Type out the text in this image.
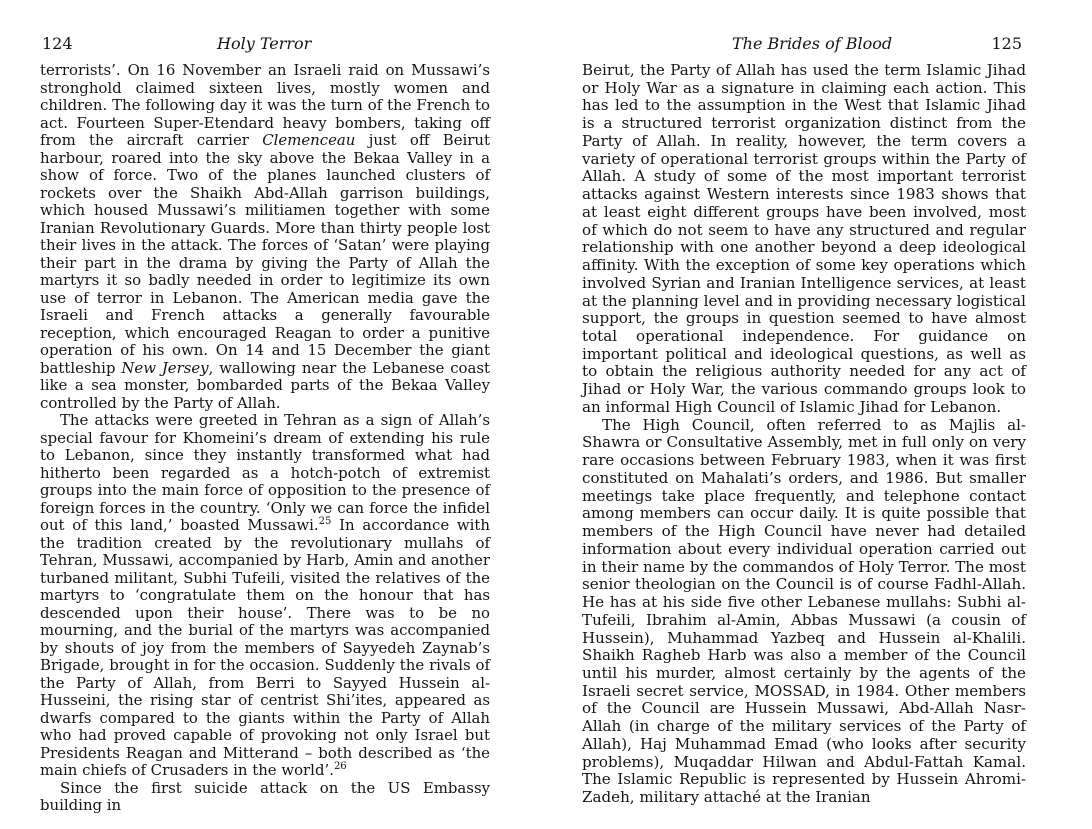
124	Holy Terror

terrorists’. On 16 November an Israeli raid on Mussawi’s stronghold claimed sixteen lives, mostly women and children. The following day it was the turn of the French to act. Fourteen Super-Etendard heavy bombers, taking off from the aircraft carrier Clemenceau just off Beirut harbour, roared into the sky above the Bekaa Valley in a show of force. Two of the planes launched clusters of rockets over the Shaikh Abd-Allah garrison buildings, which housed Mussawi’s militiamen together with some Iranian Revolutionary Guards. More than thirty people lost their lives in the attack. The forces of ‘Satan’ were playing their part in the drama by giving the Party of Allah the martyrs it so badly needed in order to legitimize its own use of terror in Lebanon. The American media gave the Israeli and French attacks a generally favourable reception, which encouraged Reagan to order a punitive operation of his own. On 14 and 15 December the giant battleship New Jersey, wallowing near the Lebanese coast like a sea monster, bombarded parts of the Bekaa Valley controlled by the Party of Allah.

The attacks were greeted in Tehran as a sign of Allah’s special favour for Khomeini’s dream of extending his rule to Lebanon, since they instantly transformed what had hitherto been regarded as a hotch-potch of extremist groups into the main force of opposition to the presence of foreign forces in the country. ‘Only we can force the infidel out of this land,’ boasted Mussawi.$^{25}$ In accordance with the tradition created by the revolutionary mullahs of Tehran, Mussawi, accompanied by Harb, Amin and another turbaned militant, Subhi Tufeili, visited the relatives of the martyrs to ‘congratulate them on the honour that has descended upon their house’. There was to be no mourning, and the burial of the martyrs was accompanied by shouts of joy from the members of Sayyedeh Zaynab’s Brigade, brought in for the occasion. Suddenly the rivals of the Party of Allah, from Berri to Sayyed Hussein al-Husseini, the rising star of centrist Shi’ites, appeared as dwarfs compared to the giants within the Party of Allah who had proved capable of provoking not only Israel but Presidents Reagan and Mitterand – both described as ‘the main chiefs of Crusaders in the world’.$^{26}$

Since the first suicide attack on the US Embassy building in

The Brides of Blood	125

Beirut, the Party of Allah has used the term Islamic Jihad or Holy War as a signature in claiming each action. This has led to the assumption in the West that Islamic Jihad is a structured terrorist organization distinct from the Party of Allah. In reality, however, the term covers a variety of operational terrorist groups within the Party of Allah. A study of some of the most important terrorist attacks against Western interests since 1983 shows that at least eight different groups have been involved, most of which do not seem to have any structured and regular relationship with one another beyond a deep ideological affinity. With the exception of some key operations which involved Syrian and Iranian Intelligence services, at least at the planning level and in providing necessary logistical support, the groups in question seemed to have almost total operational independence. For guidance on important political and ideological questions, as well as to obtain the religious authority needed for any act of Jihad or Holy War, the various commando groups look to an informal High Council of Islamic Jihad for Lebanon.

The High Council, often referred to as Majlis al-Shawra or Consultative Assembly, met in full only on very rare occasions between February 1983, when it was first constituted on Mahalati’s orders, and 1986. But smaller meetings take place frequently, and telephone contact among members can occur daily. It is quite possible that members of the High Council have never had detailed information about every individual operation carried out in their name by the commandos of Holy Terror. The most senior theologian on the Council is of course Fadhl-Allah. He has at his side five other Lebanese mullahs: Subhi al-Tufeili, Ibrahim al-Amin, Abbas Mussawi (a cousin of Hussein), Muhammad Yazbeq and Hussein al-Khalili. Shaikh Ragheb Harb was also a member of the Council until his murder, almost certainly by the agents of the Israeli secret service, MOSSAD, in 1984. Other members of the Council are Hussein Mussawi, Abd-Allah Nasr-Allah (in charge of the military services of the Party of Allah), Haj Muhammad Emad (who looks after security problems), Muqaddar Hilwan and Abdul-Fattah Kamal. The Islamic Republic is represented by Hussein Ahromi-Zadeh, military attaché at the Iranian
